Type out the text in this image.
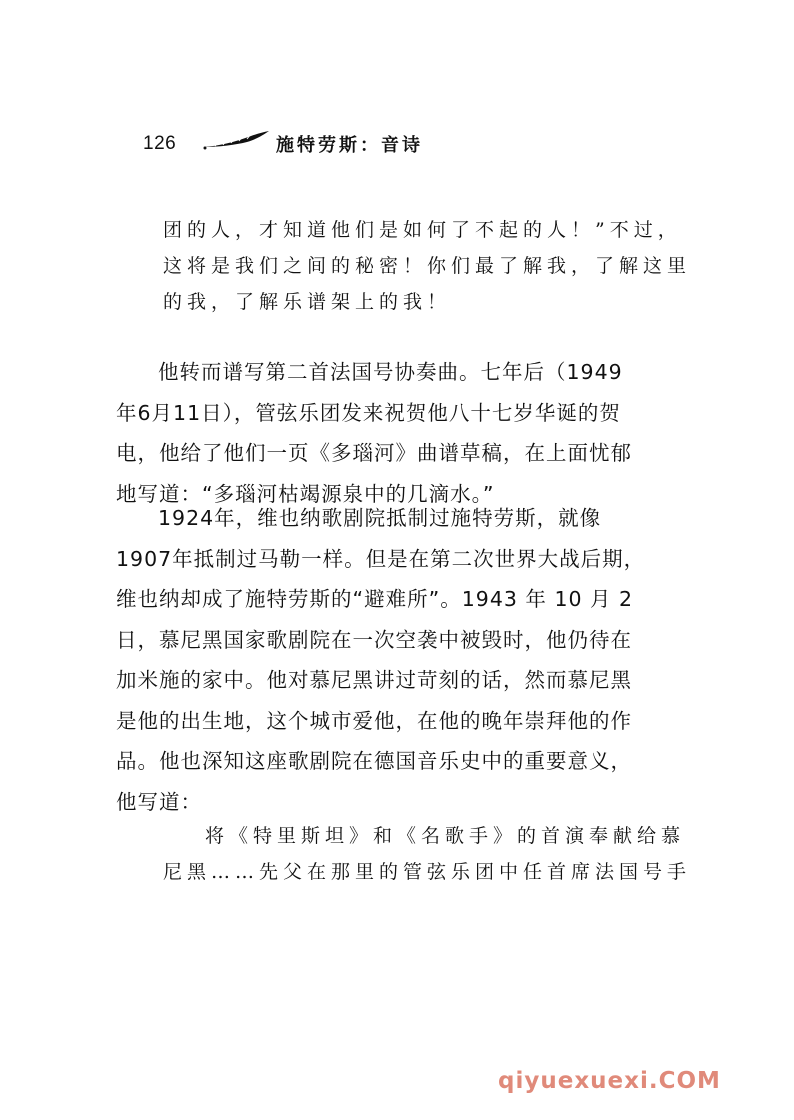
126	施特劳斯：音诗
团的人，才知道他们是如何了不起的人！”不过，
这将是我们之间的秘密！你们最了解我，了解这里
的我，了解乐谱架上的我！
他转而谱写第二首法国号协奏曲。七年后（1949
年6月11日），管弦乐团发来祝贺他八十七岁华诞的贺
电，他给了他们一页《多瑙河》曲谱草稿，在上面忧郁
地写道：“多瑙河枯竭源泉中的几滴水。”
1924年，维也纳歌剧院抵制过施特劳斯，就像
1907年抵制过马勒一样。但是在第二次世界大战后期，
维也纳却成了施特劳斯的“避难所”。1943 年 10 月 2
日，慕尼黑国家歌剧院在一次空袭中被毁时，他仍待在
加米施的家中。他对慕尼黑讲过苛刻的话，然而慕尼黑
是他的出生地，这个城市爱他，在他的晚年崇拜他的作
品。他也深知这座歌剧院在德国音乐史中的重要意义，
他写道：
将《特里斯坦》和《名歌手》的首演奉献给慕
尼黑……先父在那里的管弦乐团中任首席法国号手
qiyuexuexi.COM
